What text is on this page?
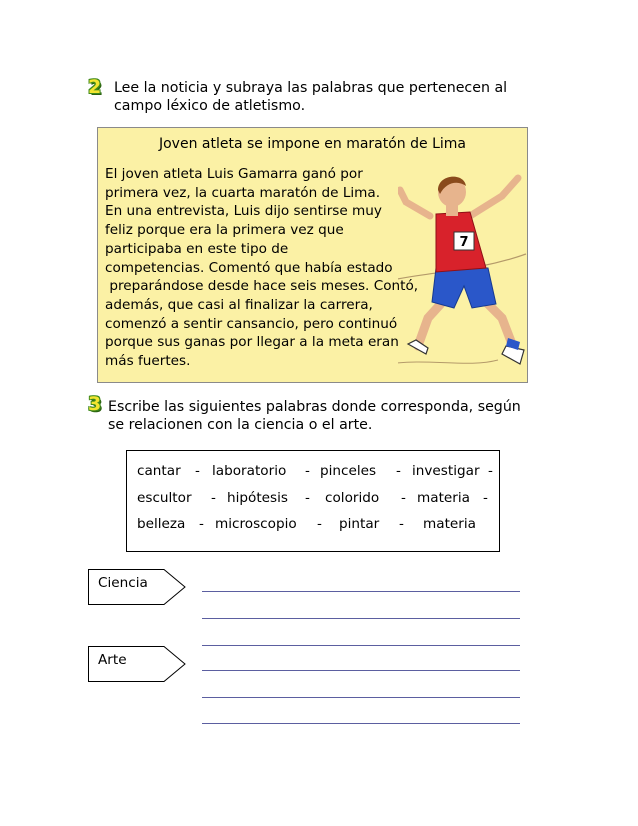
2 Lee la noticia y subraya las palabras que pertenecen al
campo léxico de atletismo.
Joven atleta se impone en maratón de Lima
7
El joven atleta Luis Gamarra ganó por
primera vez, la cuarta maratón de Lima.
En una entrevista, Luis dijo sentirse muy
feliz porque era la primera vez que
participaba en este tipo de
competencias. Comentó que había estado
preparándose desde hace seis meses. Contó,
además, que casi al finalizar la carrera,
comenzó a sentir cansancio, pero continuó
porque sus ganas por llegar a la meta eran
más fuertes.
3 Escribe las siguientes palabras donde corresponda, según
se relacionen con la ciencia o el arte.
cantar - laboratorio - pinceles - investigar -
escultor - hipótesis - colorido - materia -
belleza - microscopio - pintar - materia
Ciencia
Arte
